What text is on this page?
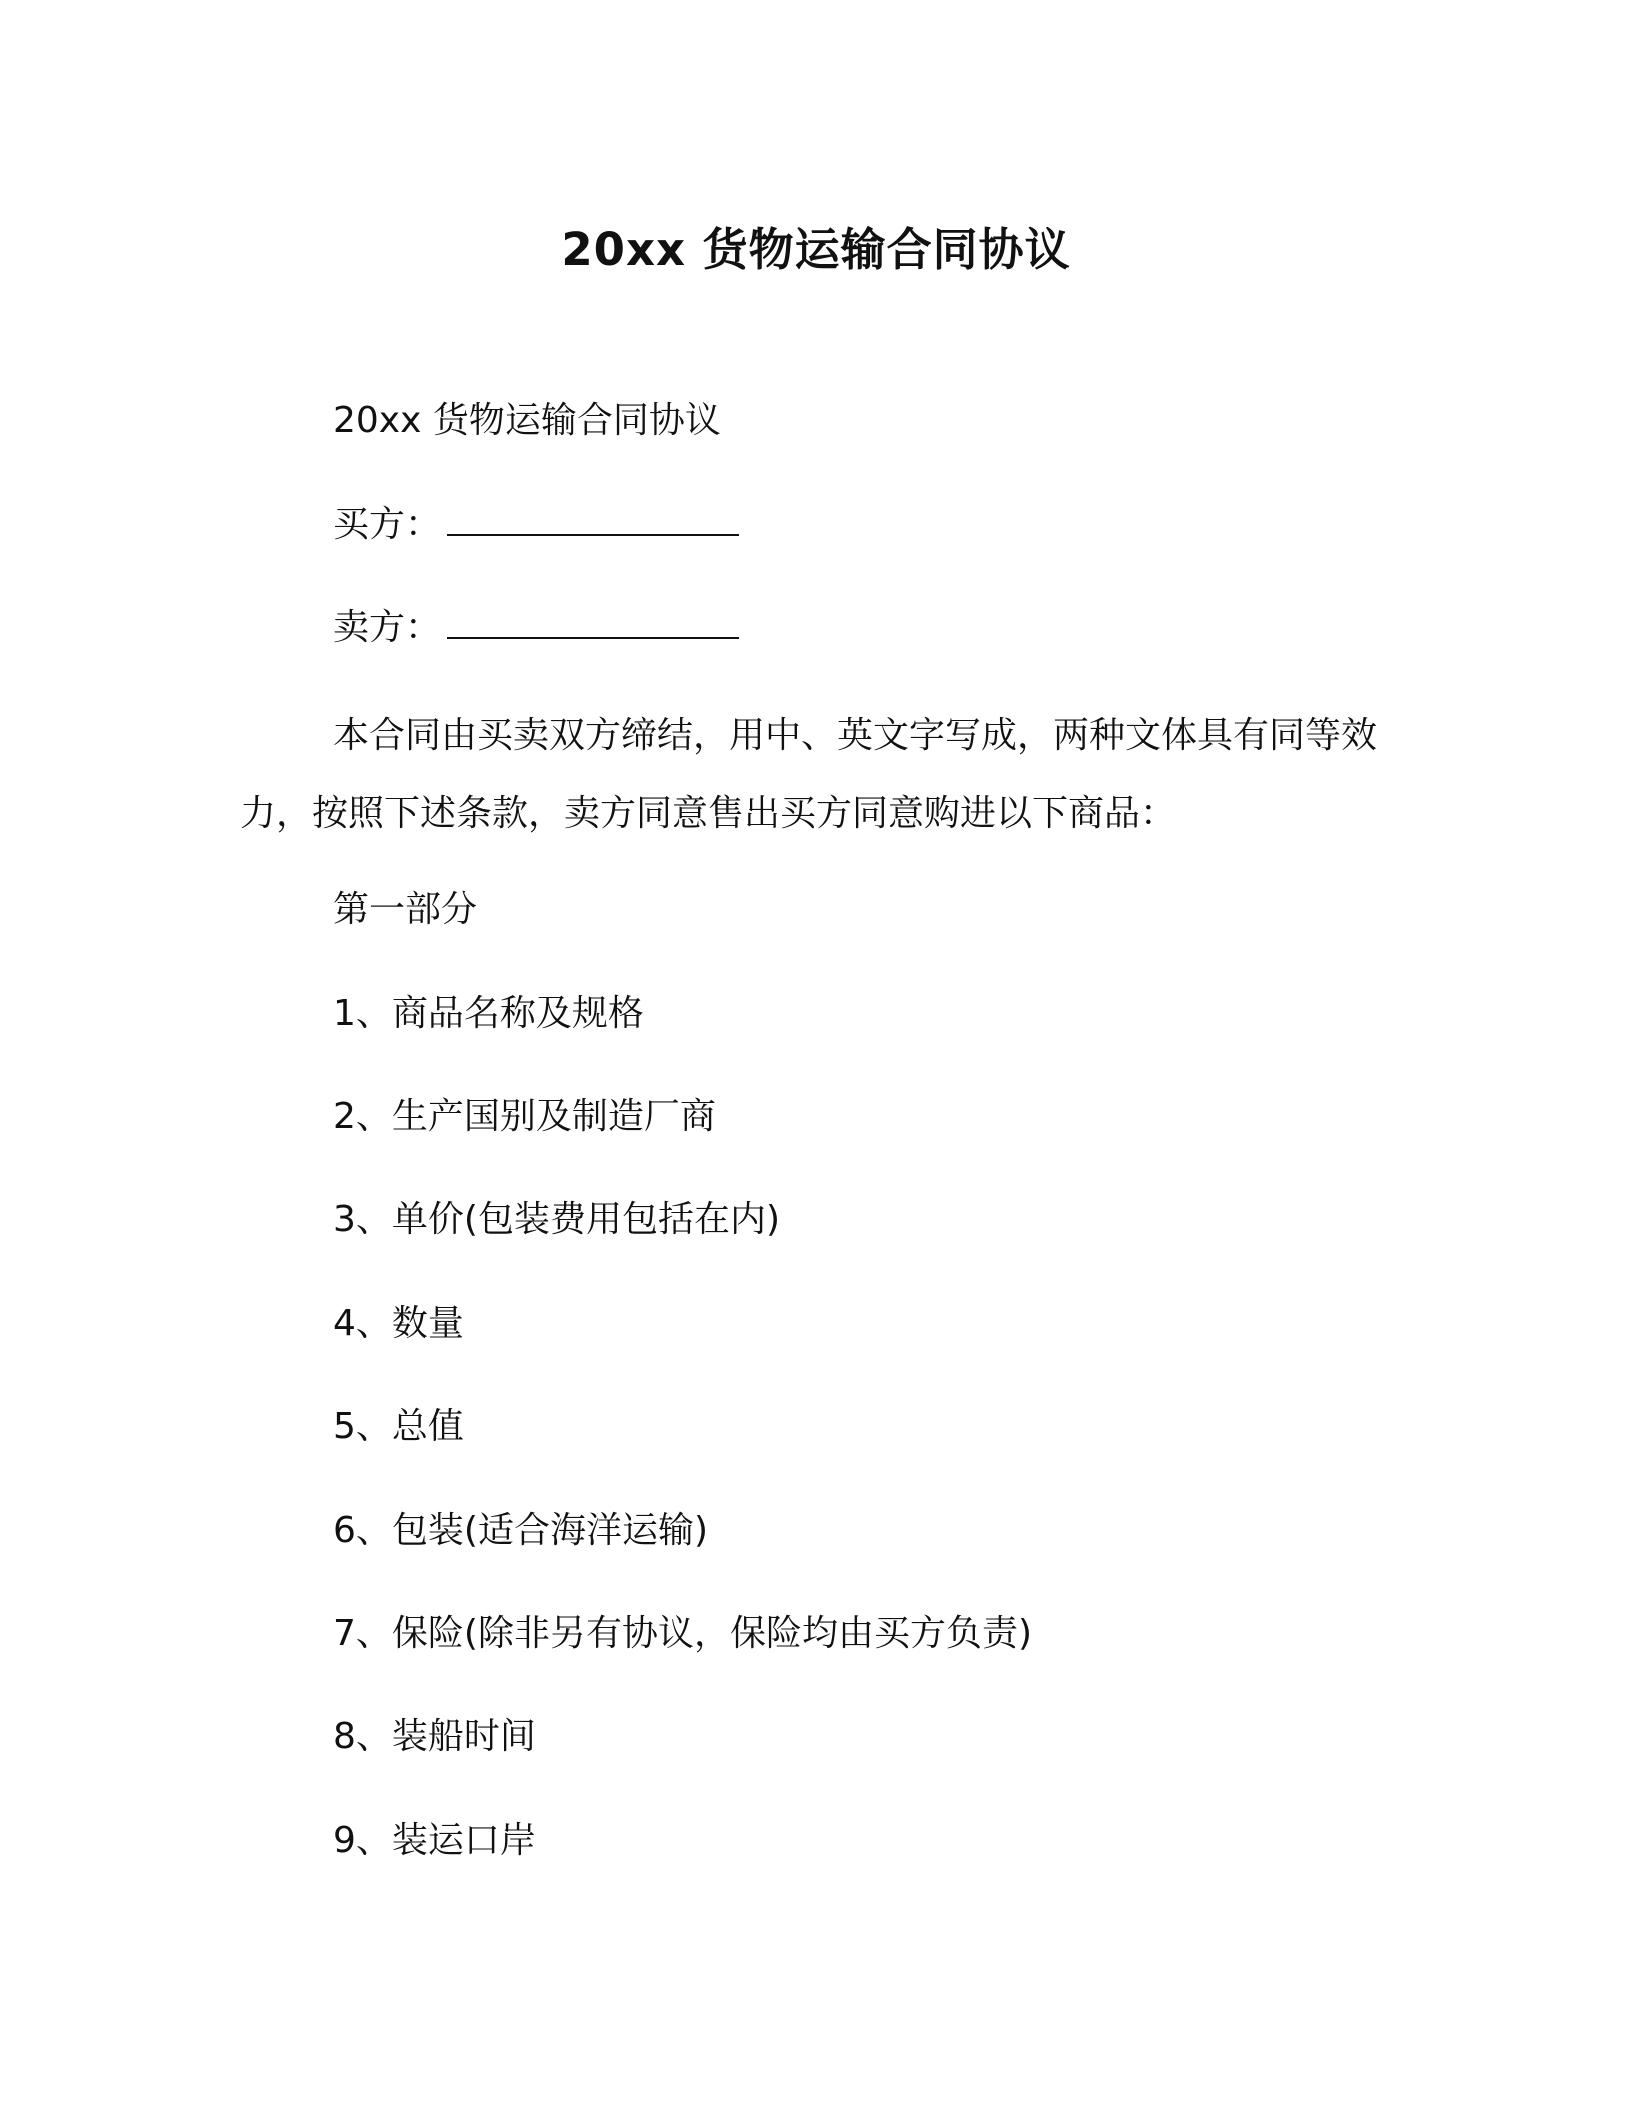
20xx 货物运输合同协议
20xx 货物运输合同协议
买方：
卖方：
本合同由买卖双方缔结，用中、英文字写成，两种文体具有同等效力，按照下述条款，卖方同意售出买方同意购进以下商品：
第一部分
1、商品名称及规格
2、生产国别及制造厂商
3、单价(包装费用包括在内)
4、数量
5、总值
6、包装(适合海洋运输)
7、保险(除非另有协议，保险均由买方负责)
8、装船时间
9、装运口岸
